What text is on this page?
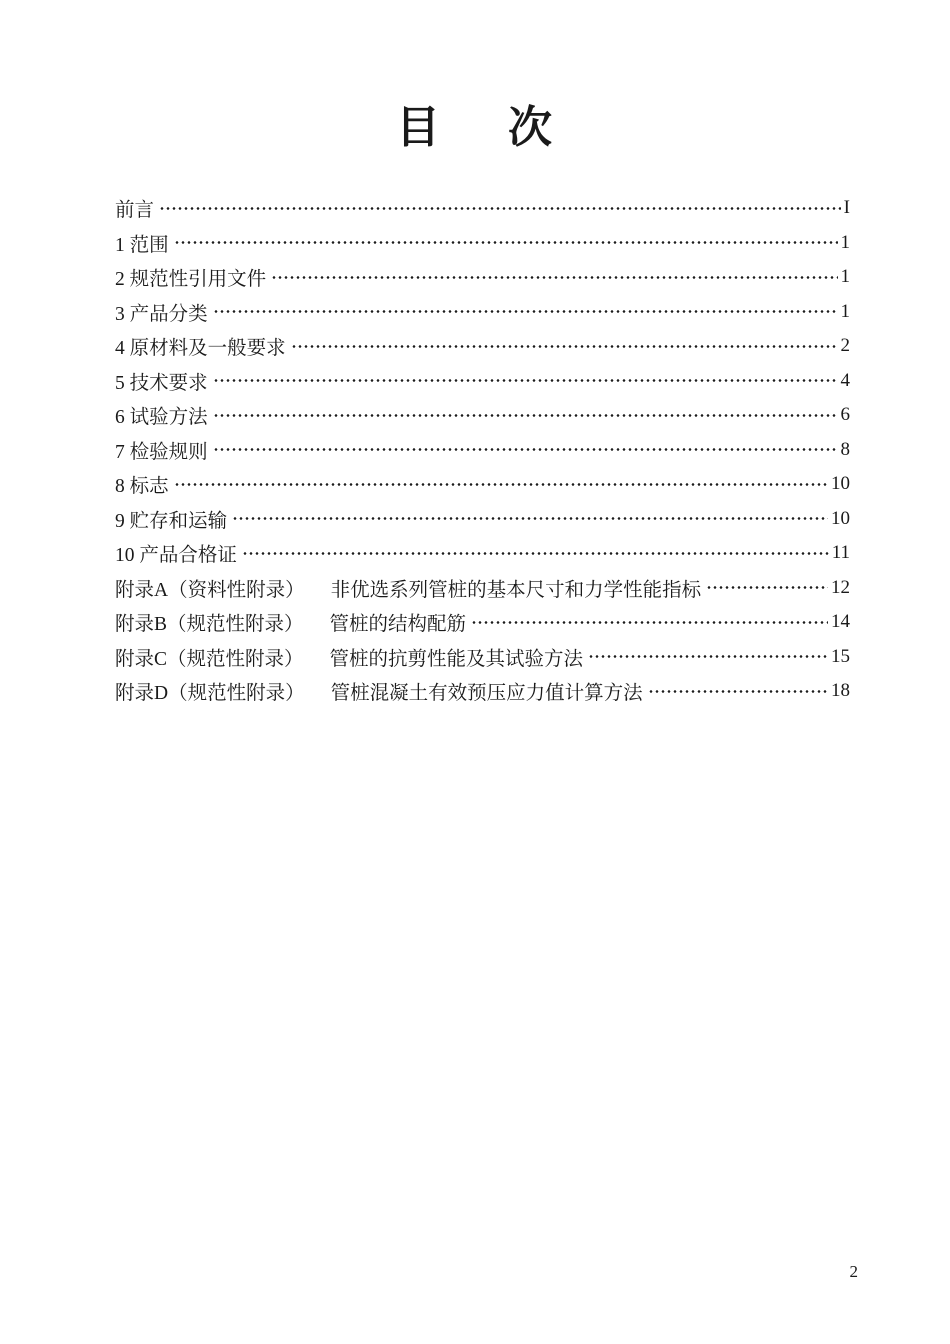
目  次
前言	I
1 范围	1
2 规范性引用文件	1
3 产品分类	1
4 原材料及一般要求	2
5 技术要求	4
6 试验方法	6
7 检验规则	8
8 标志	10
9 贮存和运输	10
10 产品合格证	11
附录A（资料性附录） 非优选系列管桩的基本尺寸和力学性能指标	12
附录B（规范性附录） 管桩的结构配筋	14
附录C（规范性附录） 管桩的抗剪性能及其试验方法	15
附录D（规范性附录） 管桩混凝土有效预压应力值计算方法	18
2
